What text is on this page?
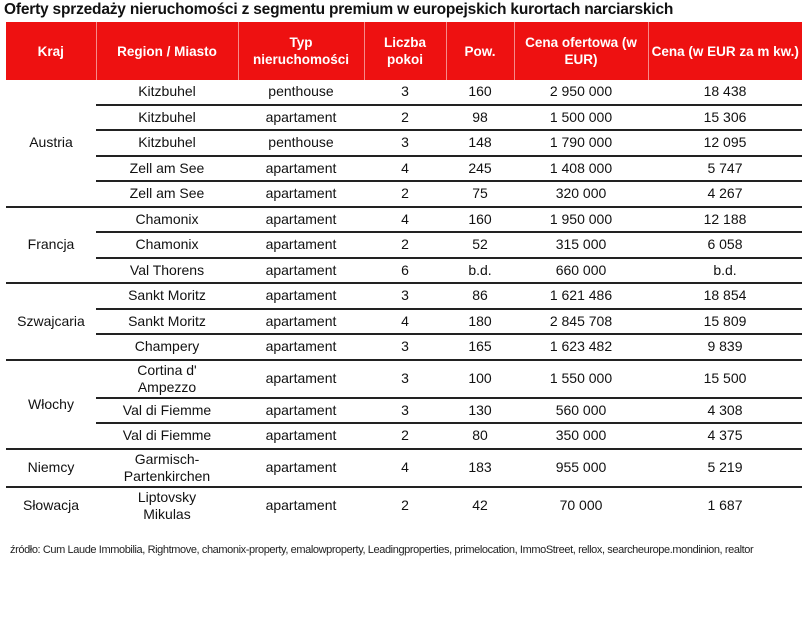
Oferty sprzedaży nieruchomości z segmentu premium w europejskich kurortach narciarskich
Kraj	Region / Miasto	Typ nieruchomości	Liczba pokoi	Pow.	Cena ofertowa (w EUR)	Cena (w EUR za m kw.)
Austria	Kitzbuhel	penthouse	3	160	2 950 000	18 438
	Kitzbuhel	apartament	2	98	1 500 000	15 306
	Kitzbuhel	penthouse	3	148	1 790 000	12 095
	Zell am See	apartament	4	245	1 408 000	5 747
	Zell am See	apartament	2	75	320 000	4 267
Francja	Chamonix	apartament	4	160	1 950 000	12 188
	Chamonix	apartament	2	52	315 000	6 058
	Val Thorens	apartament	6	b.d.	660 000	b.d.
Szwajcaria	Sankt Moritz	apartament	3	86	1 621 486	18 854
	Sankt Moritz	apartament	4	180	2 845 708	15 809
	Champery	apartament	3	165	1 623 482	9 839
Włochy	Cortina d' Ampezzo	apartament	3	100	1 550 000	15 500
	Val di Fiemme	apartament	3	130	560 000	4 308
	Val di Fiemme	apartament	2	80	350 000	4 375
Niemcy	Garmisch-Partenkirchen	apartament	4	183	955 000	5 219
Słowacja	Liptovsky Mikulas	apartament	2	42	70 000	1 687
źródło: Cum Laude Immobilia, Rightmove, chamonix-property, emalowproperty, Leadingproperties, primelocation, ImmoStreet, rellox, searcheurope.mondinion, realtor
